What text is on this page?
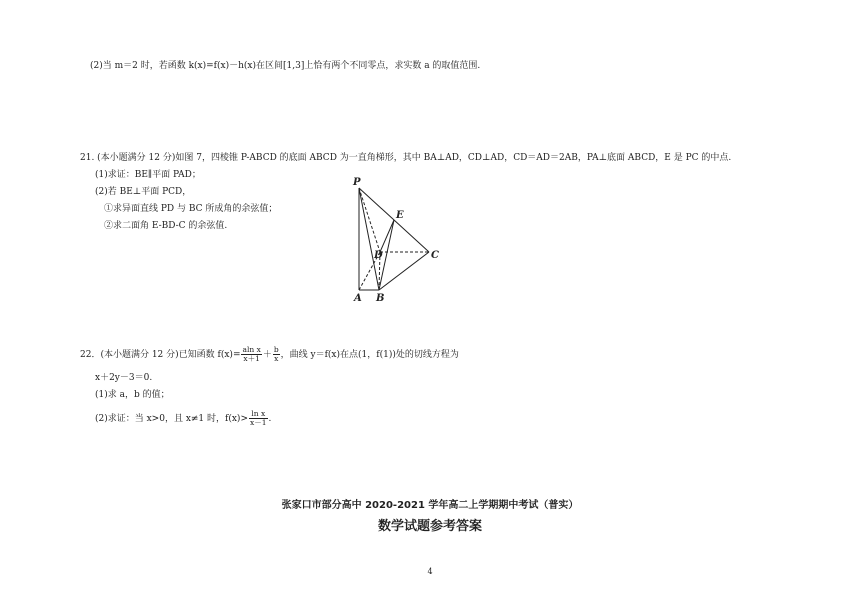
(2)当 m＝2 时，若函数 k(x)=f(x)－h(x)在区间[1,3]上恰有两个不同零点，求实数 a 的取值范围.
21. (本小题满分 12 分)如图 7，四棱锥 P-ABCD 的底面 ABCD 为一直角梯形，其中 BA⊥AD，CD⊥AD，CD＝AD＝2AB，PA⊥底面 ABCD，E 是 PC 的中点.
(1)求证：BE∥平面 PAD；
(2)若 BE⊥平面 PCD，
①求异面直线 PD 与 BC 所成角的余弦值；
②求二面角 E-BD-C 的余弦值.
P
E
D	C
A B
22．(本小题满分 12 分)已知函数 $f(x)= \frac{\text{aln x}}{x+1} + \frac{b}{x}$ ，曲线 y＝f(x)在点(1，f(1))处的切线方程为
x＋2y－3＝0.
(1)求 a，b 的值；
(2)求证：当 x>0，且 x≠1 时，$f(x)> \frac{\text{ln x}}{x-1}$ .
张家口市部分高中 2020-2021 学年高二上学期期中考试（普实）
数学试题参考答案
4
